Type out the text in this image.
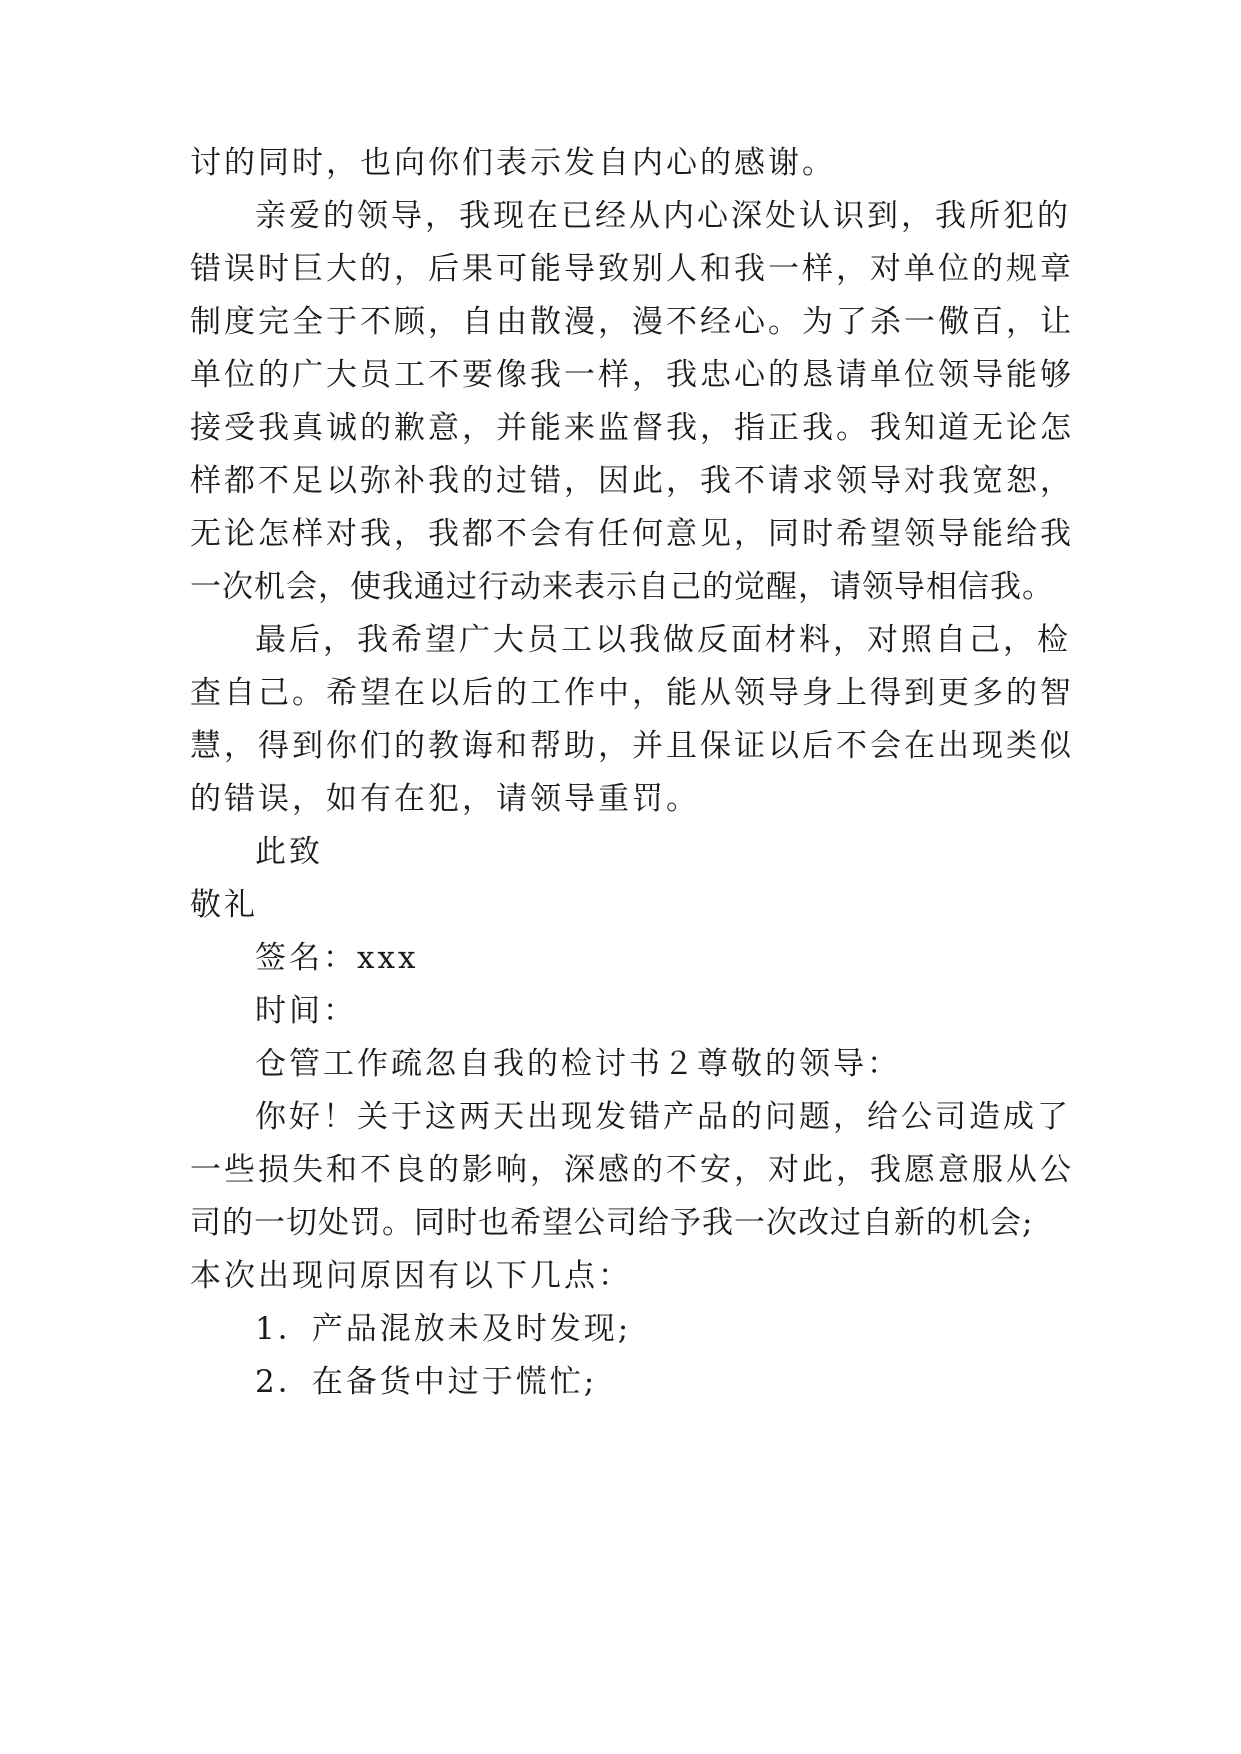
讨的同时，也向你们表示发自内心的感谢。
亲爱的领导，我现在已经从内心深处认识到，我所犯的
错误时巨大的，后果可能导致别人和我一样，对单位的规章
制度完全于不顾，自由散漫，漫不经心。为了杀一儆百，让
单位的广大员工不要像我一样，我忠心的恳请单位领导能够
接受我真诚的歉意，并能来监督我，指正我。我知道无论怎
样都不足以弥补我的过错，因此，我不请求领导对我宽恕，
无论怎样对我，我都不会有任何意见，同时希望领导能给我
一次机会，使我通过行动来表示自己的觉醒，请领导相信我。
最后，我希望广大员工以我做反面材料，对照自己，检
查自己。希望在以后的工作中，能从领导身上得到更多的智
慧，得到你们的教诲和帮助，并且保证以后不会在出现类似
的错误，如有在犯，请领导重罚。
此致
敬礼
签名：xxx
时间：
仓管工作疏忽自我的检讨书２尊敬的领导：
你好！关于这两天出现发错产品的问题，给公司造成了
一些损失和不良的影响，深感的不安，对此，我愿意服从公
司的一切处罚。同时也希望公司给予我一次改过自新的机会;
本次出现问原因有以下几点：
1．产品混放未及时发现;
2．在备货中过于慌忙;
